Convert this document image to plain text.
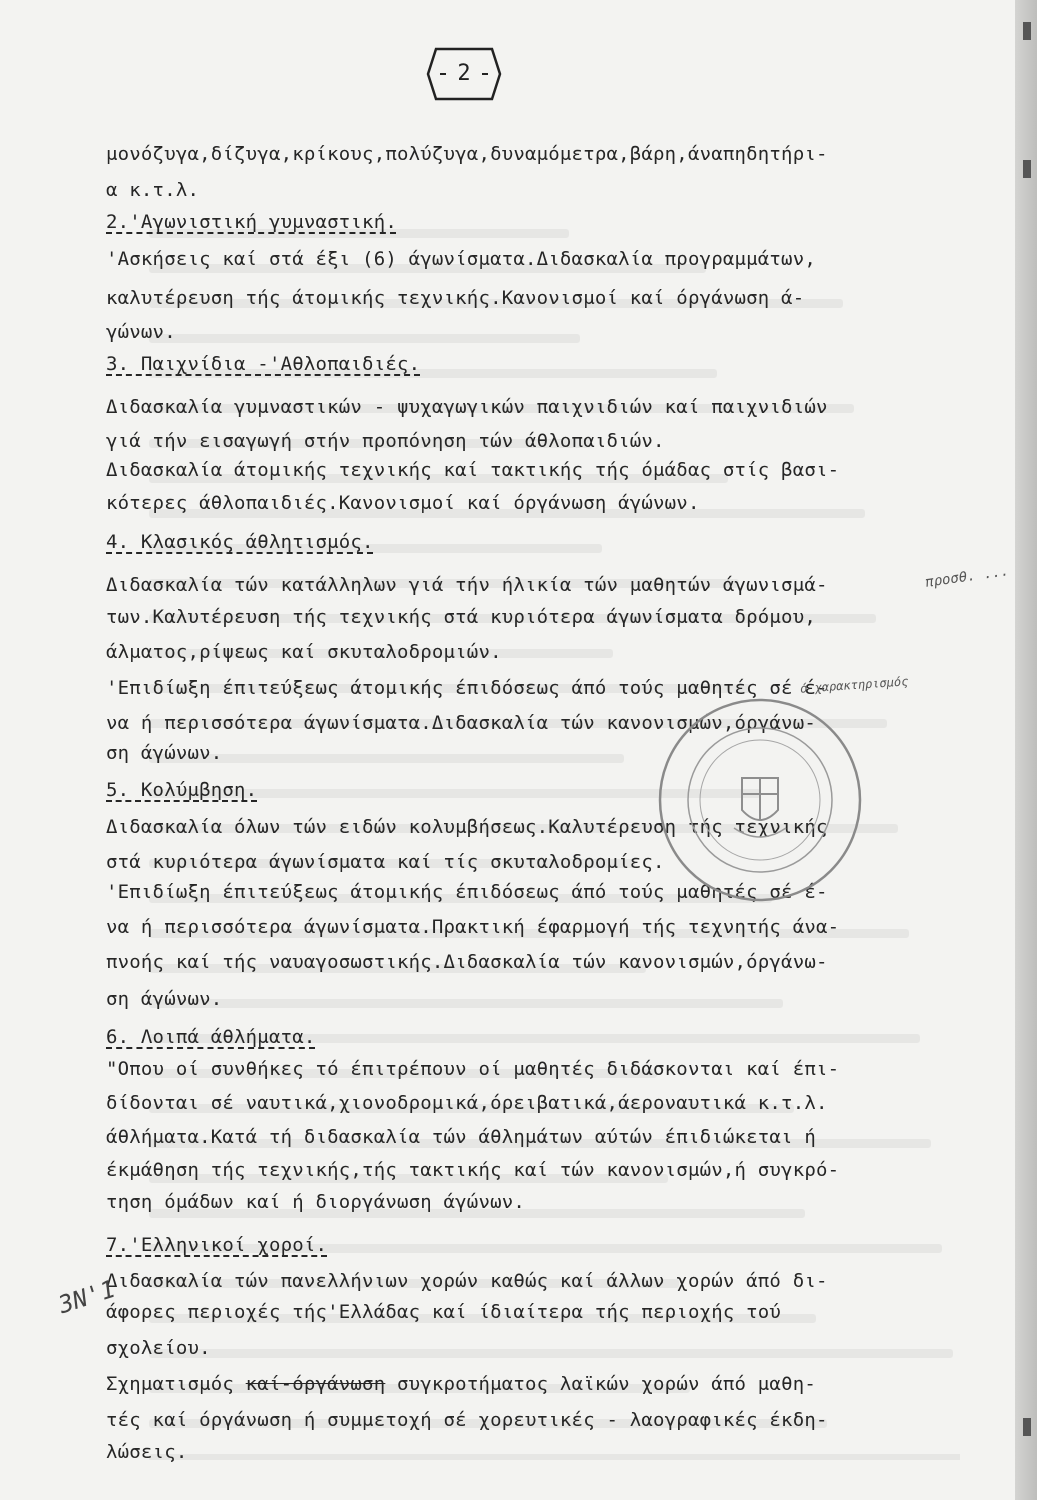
2
μονόζυγα,δίζυγα,κρίκους,πολύζυγα,δυναμόμετρα,βάρη,άναπηδητήρι-
α κ.τ.λ.
2.'Αγωνιστική γυμναστική.
'Ασκήσεις καί στά έξι (6) άγωνίσματα.Διδασκαλία προγραμμάτων,
καλυτέρευση τής άτομικής τεχνικής.Κανονισμοί καί όργάνωση ά-
γώνων.
3. Παιχνίδια -'Αθλοπαιδιές.
Διδασκαλία γυμναστικών - ψυχαγωγικών παιχνιδιών καί παιχνιδιών
γιά τήν εισαγωγή στήν προπόνηση τών άθλοπαιδιών.
Διδασκαλία άτομικής τεχνικής καί τακτικής τής όμάδας στίς βασι-
κότερες άθλοπαιδιές.Κανονισμοί καί όργάνωση άγώνων.
4. Κλασικός άθλητισμός.
Διδασκαλία τών κατάλληλων γιά τήν ήλικία τών μαθητών άγωνισμά-
των.Καλυτέρευση τής τεχνικής στά κυριότερα άγωνίσματα δρόμου,
άλματος,ρίψεως καί σκυταλοδρομιών.
'Επιδίωξη έπιτεύξεως άτομικής έπιδόσεως άπό τούς μαθητές σέ έ-
να ή περισσότερα άγωνίσματα.Διδασκαλία τών κανονισμών,όργάνω-
ση άγώνων.
5. Κολύμβηση.
Διδασκαλία όλων τών ειδών κολυμβήσεως.Καλυτέρευση τής τεχνικής
στά κυριότερα άγωνίσματα καί τίς σκυταλοδρομίες.
'Επιδίωξη έπιτεύξεως άτομικής έπιδόσεως άπό τούς μαθητές σέ έ-
να ή περισσότερα άγωνίσματα.Πρακτική έφαρμογή τής τεχνητής άνα-
πνοής καί τής ναυαγοσωστικής.Διδασκαλία τών κανονισμών,όργάνω-
ση άγώνων.
6. Λοιπά άθλήματα.
"Οπου οί συνθήκες τό έπιτρέπουν οί μαθητές διδάσκονται καί έπι-
δίδονται σέ ναυτικά,χιονοδρομικά,όρειβατικά,άεροναυτικά κ.τ.λ.
άθλήματα.Κατά τή διδασκαλία τών άθλημάτων αύτών έπιδιώκεται ή
έκμάθηση τής τεχνικής,τής τακτικής καί τών κανονισμών,ή συγκρό-
τηση όμάδων καί ή διοργάνωση άγώνων.
7.'Ελληνικοί χοροί.
Διδασκαλία τών πανελλήνιων χορών καθώς καί άλλων χορών άπό δι-
άφορες περιοχές τής'Ελλάδας καί ίδιαίτερα τής περιοχής τού
σχολείου.
Σχηματισμός καί-όργάνωση συγκροτήματος λαϊκών χορών άπό μαθη-
τές καί όργάνωση ή συμμετοχή σέ χορευτικές - λαογραφικές έκδη-
λώσεις.
προσθ. ...
ό χαρακτηρισμός
3N'1
